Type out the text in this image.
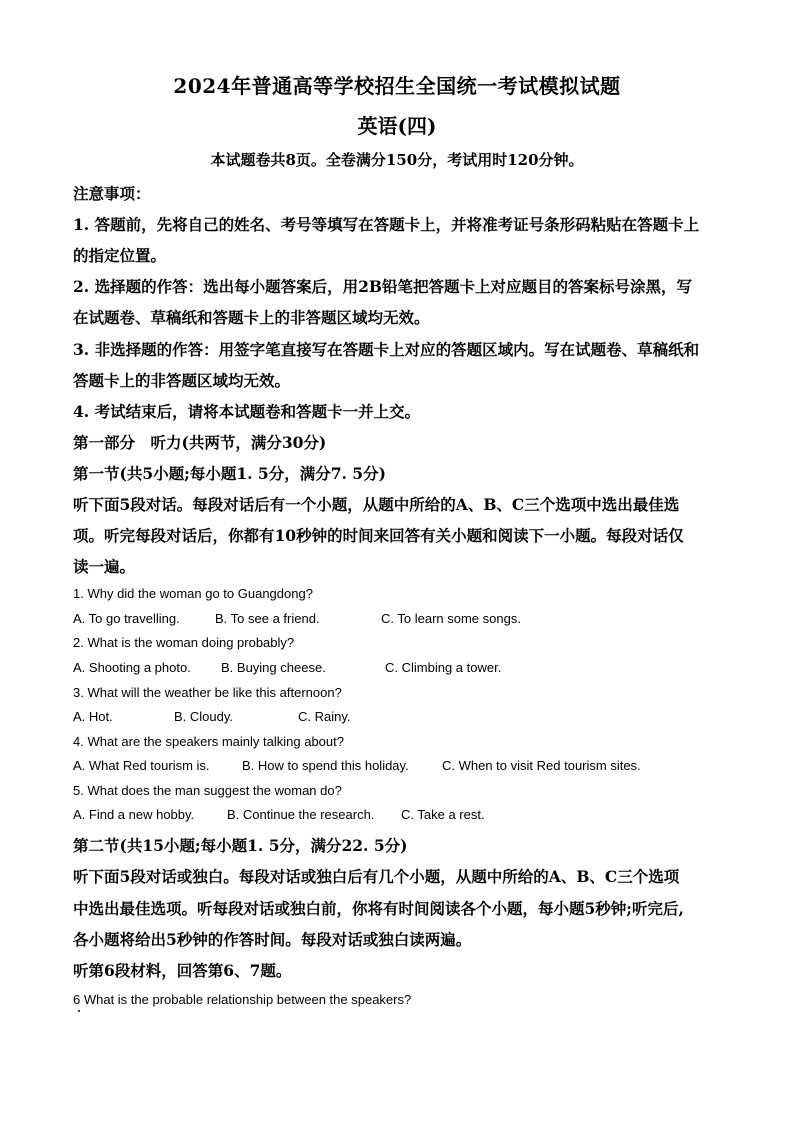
2024年普通高等学校招生全国统一考试模拟试题
英语(四)
本试题卷共8页。全卷满分150分，考试用时120分钟。
注意事项：
1. 答题前，先将自己的姓名、考号等填写在答题卡上，并将准考证号条形码粘贴在答题卡上
的指定位置。
2. 选择题的作答：选出每小题答案后，用2B铅笔把答题卡上对应题目的答案标号涂黑，写
在试题卷、草稿纸和答题卡上的非答题区域均无效。
3. 非选择题的作答：用签字笔直接写在答题卡上对应的答题区域内。写在试题卷、草稿纸和
答题卡上的非答题区域均无效。
4. 考试结束后，请将本试题卷和答题卡一并上交。
第一部分　听力(共两节，满分30分)
第一节(共5小题;每小题1. 5分，满分7. 5分)
听下面5段对话。每段对话后有一个小题，从题中所给的A、B、C三个选项中选出最佳选
项。听完每段对话后，你都有10秒钟的时间来回答有关小题和阅读下一小题。每段对话仅
读一遍。
1. Why did the woman go to Guangdong?
A. To go travelling.	B. To see a friend.	C. To learn some songs.
2. What is the woman doing probably?
A. Shooting a photo. B. Buying cheese.	C. Climbing a tower.
3. What will the weather be like this afternoon?
A. Hot.	B. Cloudy.	C. Rainy.
4. What are the speakers mainly talking about?
A. What Red tourism is. B. How to spend this holiday.	C. When to visit Red tourism sites.
5. What does the man suggest the woman do?
A. Find a new hobby.	B. Continue the research. C. Take a rest.
第二节(共15小题;每小题1. 5分，满分22. 5分)
听下面5段对话或独白。每段对话或独白后有几个小题，从题中所给的A、B、C三个选项
中选出最佳选项。听每段对话或独白前，你将有时间阅读各个小题，每小题5秒钟;听完后,
各小题将给出5秒钟的作答时间。每段对话或独白读两遍。
听第6段材料，回答第6、7题。
6 What is the probable relationship between the speakers?
